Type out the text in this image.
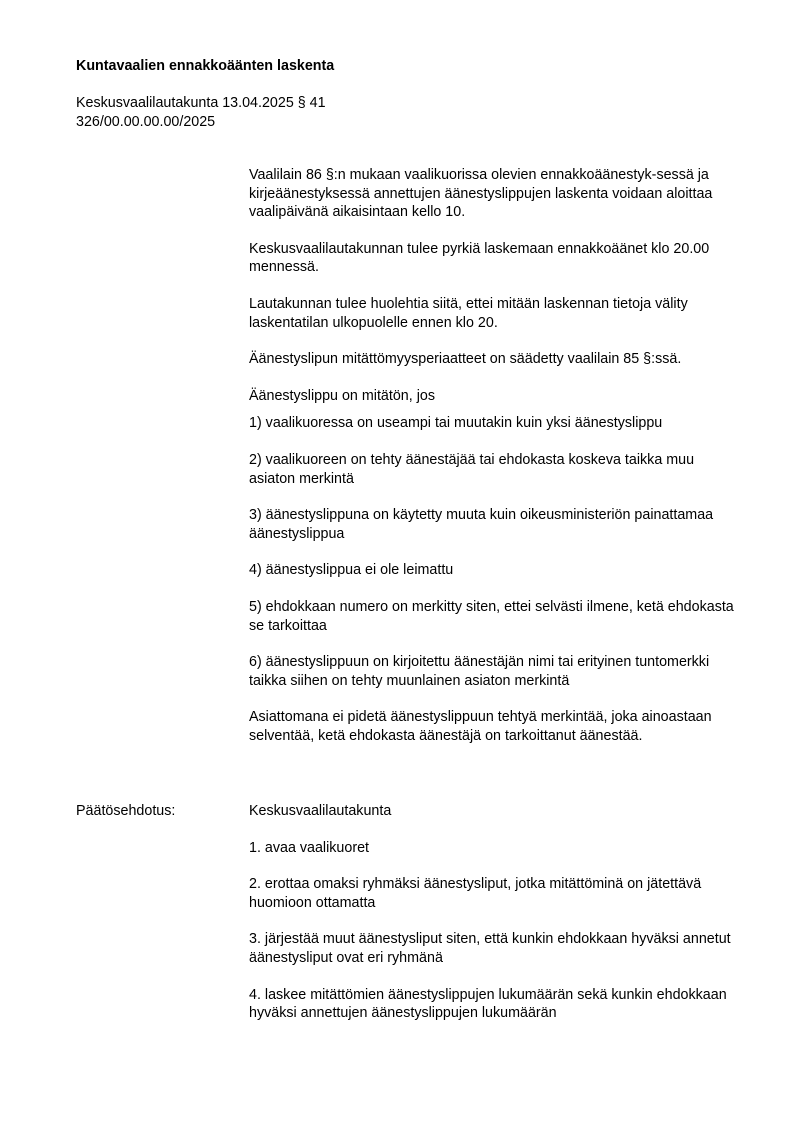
Kuntavaalien ennakkoäänten laskenta
Keskusvaalilautakunta 13.04.2025 § 41
326/00.00.00.00/2025

Vaalilain 86 §:n mukaan vaalikuorissa olevien ennakkoäänestyk-sessä ja kirjeäänestyksessä annettujen äänestyslippujen laskenta voidaan aloittaa vaalipäivänä aikaisintaan kello 10.

Keskusvaalilautakunnan tulee pyrkiä laskemaan ennakkoäänet klo 20.00 mennessä.

Lautakunnan tulee huolehtia siitä, ettei mitään laskennan tietoja välity laskentatilan ulkopuolelle ennen klo 20.

Äänestyslipun mitättömyysperiaatteet on säädetty vaalilain 85 §:ssä.

Äänestyslippu on mitätön, jos

1) vaalikuoressa on useampi tai muutakin kuin yksi äänestyslippu

2) vaalikuoreen on tehty äänestäjää tai ehdokasta koskeva taikka muu asiaton merkintä

3) äänestyslippuna on käytetty muuta kuin oikeusministeriön painattamaa äänestyslippua

4) äänestyslippua ei ole leimattu

5) ehdokkaan numero on merkitty siten, ettei selvästi ilmene, ketä ehdokasta se tarkoittaa

6) äänestyslippuun on kirjoitettu äänestäjän nimi tai erityinen tuntomerkki taikka siihen on tehty muunlainen asiaton merkintä

Asiattomana ei pidetä äänestyslippuun tehtyä merkintää, joka ainoastaan selventää, ketä ehdokasta äänestäjä on tarkoittanut äänestää.

Päätösehdotus:	Keskusvaalilautakunta

1. avaa vaalikuoret

2. erottaa omaksi ryhmäksi äänestysliput, jotka mitättöminä on jätettävä huomioon ottamatta

3. järjestää muut äänestysliput siten, että kunkin ehdokkaan hyväksi annetut äänestysliput ovat eri ryhmänä

4. laskee mitättömien äänestyslippujen lukumäärän sekä kunkin ehdokkaan hyväksi annettujen äänestyslippujen lukumäärän
